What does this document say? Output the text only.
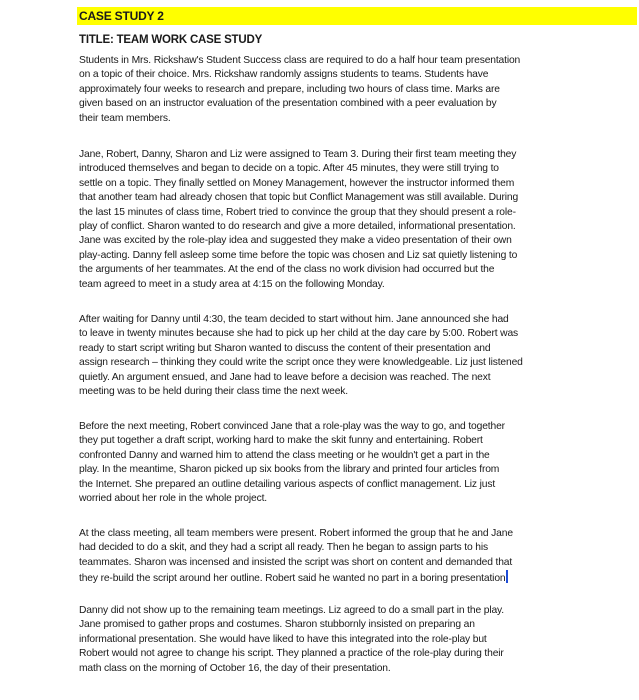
CASE STUDY 2
TITLE: TEAM WORK CASE STUDY
Students in Mrs. Rickshaw's Student Success class are required to do a half hour team presentation
on a topic of their choice. Mrs. Rickshaw randomly assigns students to teams. Students have
approximately four weeks to research and prepare, including two hours of class time. Marks are
given based on an instructor evaluation of the presentation combined with a peer evaluation by
their team members.
Jane, Robert, Danny, Sharon and Liz were assigned to Team 3. During their first team meeting they
introduced themselves and began to decide on a topic. After 45 minutes, they were still trying to
settle on a topic. They finally settled on Money Management, however the instructor informed them
that another team had already chosen that topic but Conflict Management was still available. During
the last 15 minutes of class time, Robert tried to convince the group that they should present a role-
play of conflict. Sharon wanted to do research and give a more detailed, informational presentation.
Jane was excited by the role-play idea and suggested they make a video presentation of their own
play-acting. Danny fell asleep some time before the topic was chosen and Liz sat quietly listening to
the arguments of her teammates. At the end of the class no work division had occurred but the
team agreed to meet in a study area at 4:15 on the following Monday.
After waiting for Danny until 4:30, the team decided to start without him. Jane announced she had
to leave in twenty minutes because she had to pick up her child at the day care by 5:00. Robert was
ready to start script writing but Sharon wanted to discuss the content of their presentation and
assign research – thinking they could write the script once they were knowledgeable. Liz just listened
quietly. An argument ensued, and Jane had to leave before a decision was reached. The next
meeting was to be held during their class time the next week.
Before the next meeting, Robert convinced Jane that a role-play was the way to go, and together
they put together a draft script, working hard to make the skit funny and entertaining. Robert
confronted Danny and warned him to attend the class meeting or he wouldn't get a part in the
play. In the meantime, Sharon picked up six books from the library and printed four articles from
the Internet. She prepared an outline detailing various aspects of conflict management. Liz just
worried about her role in the whole project.
At the class meeting, all team members were present. Robert informed the group that he and Jane
had decided to do a skit, and they had a script all ready. Then he began to assign parts to his
teammates. Sharon was incensed and insisted the script was short on content and demanded that
they re-build the script around her outline. Robert said he wanted no part in a boring presentation
Danny did not show up to the remaining team meetings. Liz agreed to do a small part in the play.
Jane promised to gather props and costumes. Sharon stubbornly insisted on preparing an
informational presentation. She would have liked to have this integrated into the role-play but
Robert would not agree to change his script. They planned a practice of the role-play during their
math class on the morning of October 16, the day of their presentation.
